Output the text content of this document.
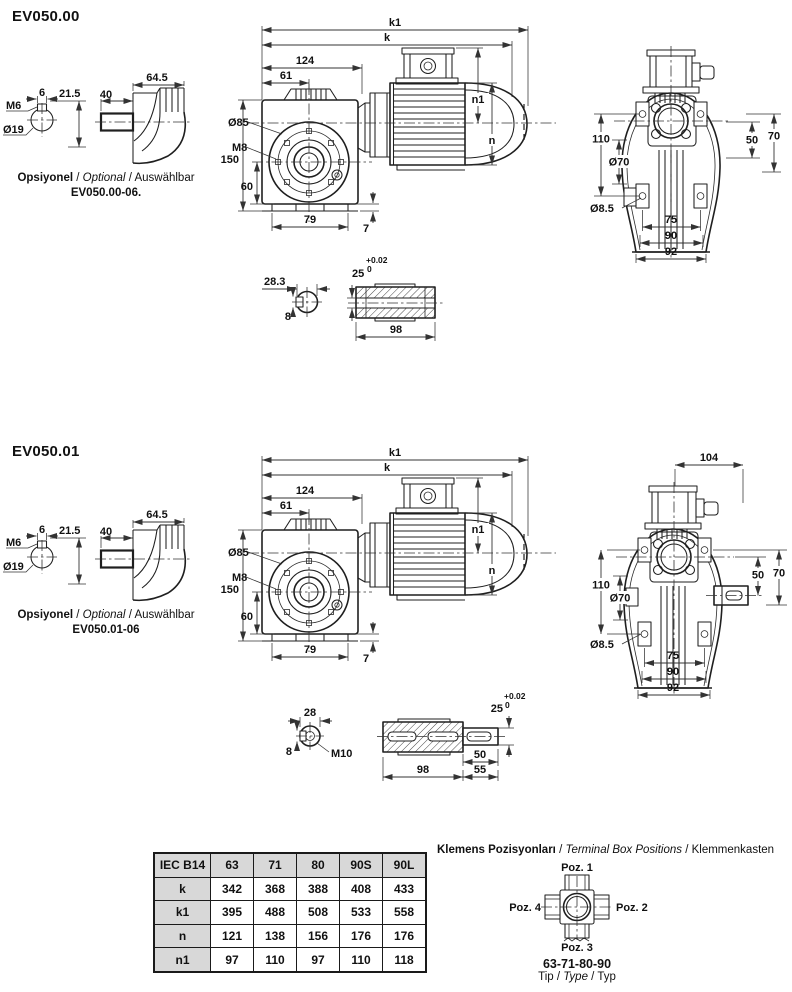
6
M6
Ø19
21.5 40
64.5
k1
k
124
61
n1
n
150
60
Ø85
M8
79
7
110
Ø70
50 70
Ø8.5
75
90
92
8
28.3
25
+0.02
0
98
104
110
Ø70
50 70
Ø8.5
75
90
92
28
8	M10
25
+0.02
0
50
98	55
Poz. 1
Poz. 2
Poz. 3
Poz. 4
6
M6
Ø19
21.5 40
64.5
k1
k
124
61
n1
n
150
60
Ø85
M8
79
7
EV050.00
EV050.01
Opsiyonel / Optional / Auswählbar
EV050.00-06.
Opsiyonel / Optional / Auswählbar
EV050.01-06
IEC B14	63	71	80	90S	90L
k	342	368	388	408	433
k1	395	488	508	533	558
n	121	138	156	176	176
n1	97	110	97	110	118
Klemens Pozisyonları / Terminal Box Positions / Klemmenkasten
63-71-80-90
Tip / Type / Typ
